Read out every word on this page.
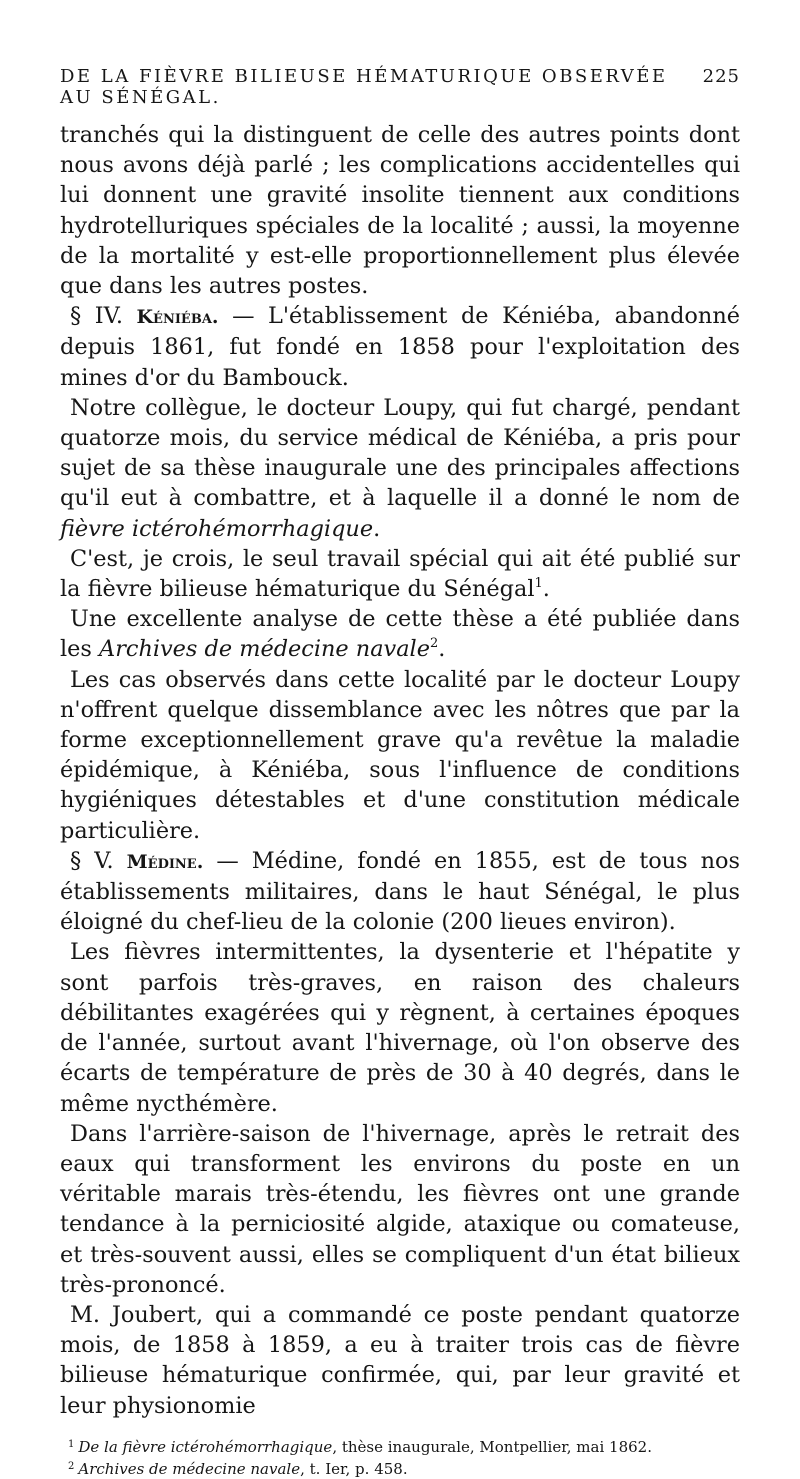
DE LA FIÈVRE BILIEUSE HÉMATURIQUE OBSERVÉE AU SÉNÉGAL.
225

tranchés qui la distinguent de celle des autres points dont nous avons déjà parlé ; les complications accidentelles qui lui donnent une gravité insolite tiennent aux conditions hydrotelluriques spéciales de la localité ; aussi, la moyenne de la mortalité y est-elle proportionnellement plus élevée que dans les autres postes.

§ IV. Kéniéba. — L'établissement de Kéniéba, abandonné depuis 1861, fut fondé en 1858 pour l'exploitation des mines d'or du Bambouck.

Notre collègue, le docteur Loupy, qui fut chargé, pendant quatorze mois, du service médical de Kéniéba, a pris pour sujet de sa thèse inaugurale une des principales affections qu'il eut à combattre, et à laquelle il a donné le nom de fièvre ictérohémorrhagique.

C'est, je crois, le seul travail spécial qui ait été publié sur la fièvre bilieuse hématurique du Sénégal$^1$.

Une excellente analyse de cette thèse a été publiée dans les Archives de médecine navale$^2$.

Les cas observés dans cette localité par le docteur Loupy n'offrent quelque dissemblance avec les nôtres que par la forme exceptionnellement grave qu'a revêtue la maladie épidémique, à Kéniéba, sous l'influence de conditions hygiéniques détestables et d'une constitution médicale particulière.

§ V. Médine. — Médine, fondé en 1855, est de tous nos établissements militaires, dans le haut Sénégal, le plus éloigné du chef-lieu de la colonie (200 lieues environ).

Les fièvres intermittentes, la dysenterie et l'hépatite y sont parfois très-graves, en raison des chaleurs débilitantes exagérées qui y règnent, à certaines époques de l'année, surtout avant l'hivernage, où l'on observe des écarts de température de près de 30 à 40 degrés, dans le même nycthémère.

Dans l'arrière-saison de l'hivernage, après le retrait des eaux qui transforment les environs du poste en un véritable marais très-étendu, les fièvres ont une grande tendance à la perniciosité algide, ataxique ou comateuse, et très-souvent aussi, elles se compliquent d'un état bilieux très-prononcé.

M. Joubert, qui a commandé ce poste pendant quatorze mois, de 1858 à 1859, a eu à traiter trois cas de fièvre bilieuse hématurique confirmée, qui, par leur gravité et leur physionomie

$^1$ De la fièvre ictérohémorrhagique, thèse inaugurale, Montpellier, mai 1862.
$^2$ Archives de médecine navale, t. Ier, p. 458.
